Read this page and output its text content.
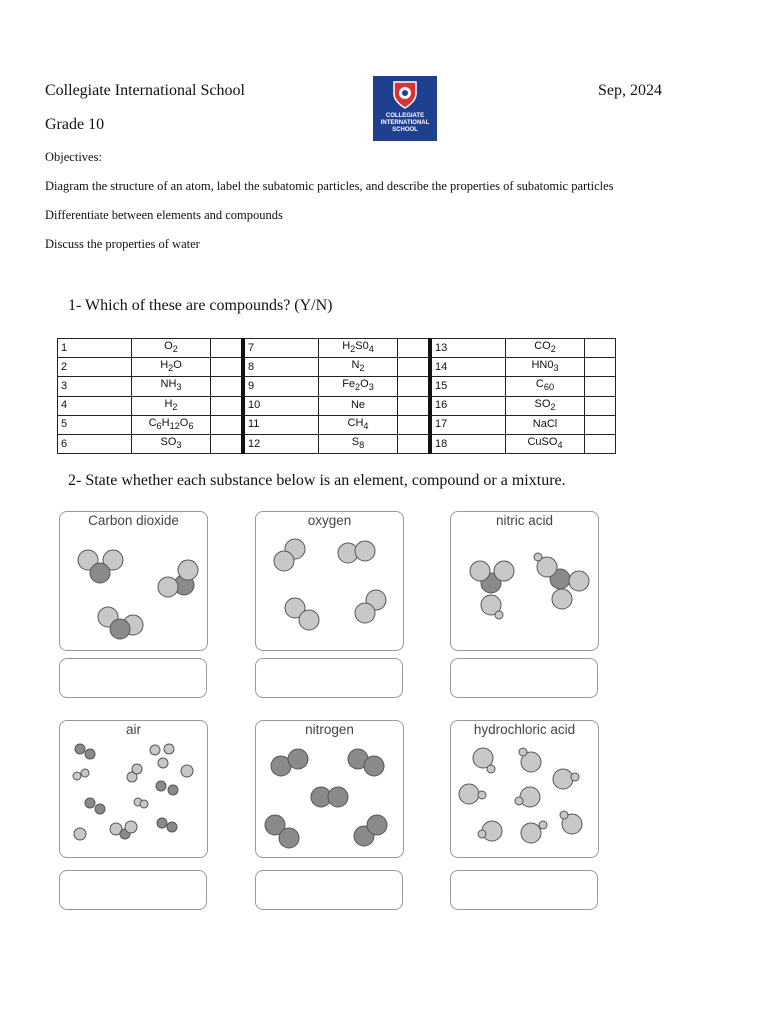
Collegiate International School	Sep, 2024
Grade 10	COLLEGIATE
INTERNATIONAL
SCHOOL
Objectives:
Diagram the structure of an atom, label the subatomic particles, and describe the properties of subatomic particles
Differentiate between elements and compounds
Discuss the properties of water
1- Which of these are compounds? (Y/N)
1	$O_2$		7	$H_2S0_4$		13	$CO_2$	
2	$H_2O$		8	$N_2$		14	$HN0_3$	
3	$NH_3$		9	$Fe_2O_3$		15	$C_{60}$	
4	$H_2$		10	Ne		16	$SO_2$	
5	$C_6H_{12}O_6$		11	$CH_4$		17	NaCl	
6	$SO_3$		12	$S_8$		18	CuSO$_4$	
2- State whether each substance below is an element, compound or a mixture.
Carbon dioxide	oxygen	nitric acid
air	nitrogen	hydrochloric acid
